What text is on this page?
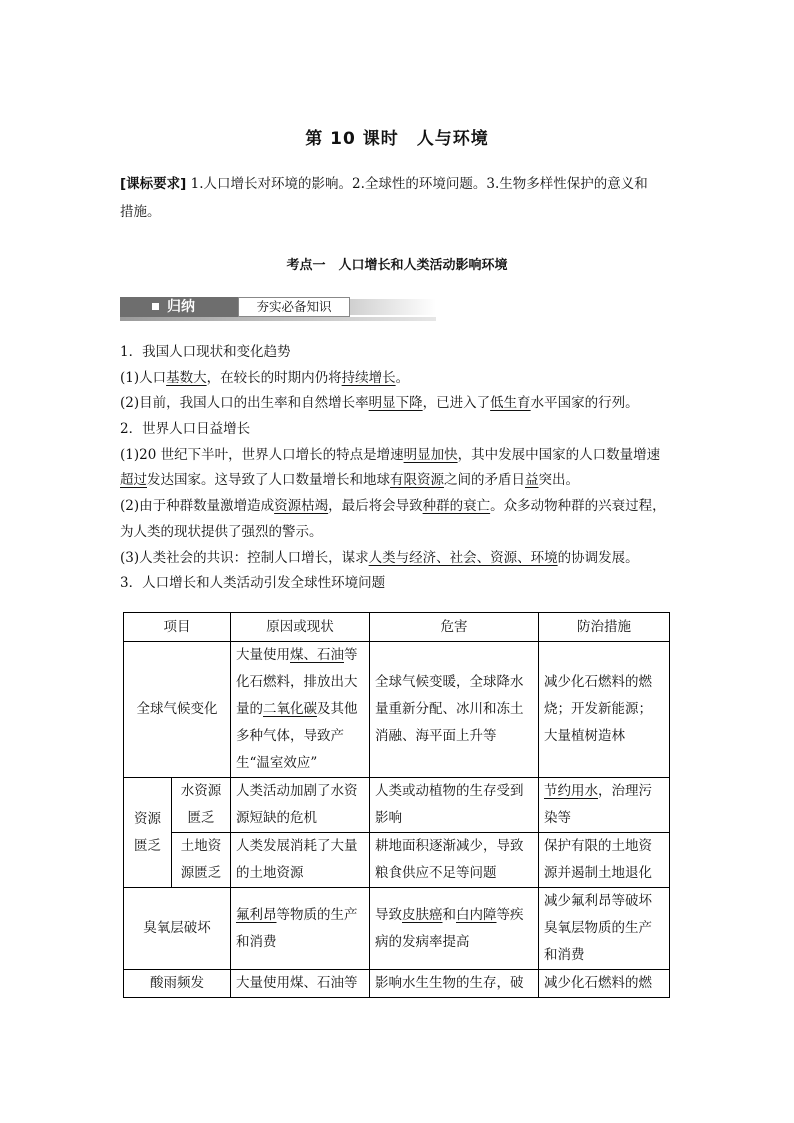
第 10 课时　人与环境
[课标要求] 1.人口增长对环境的影响。2.全球性的环境问题。3.生物多样性保护的意义和
措施。
考点一　人口增长和人类活动影响环境
归纳	夯实必备知识
1．我国人口现状和变化趋势
(1)人口基数大，在较长的时期内仍将持续增长。
(2)目前，我国人口的出生率和自然增长率明显下降，已进入了低生育水平国家的行列。
2．世界人口日益增长
(1)20 世纪下半叶，世界人口增长的特点是增速明显加快，其中发展中国家的人口数量增速
超过发达国家。这导致了人口数量增长和地球有限资源之间的矛盾日益突出。
(2)由于种群数量激增造成资源枯竭，最后将会导致种群的衰亡。众多动物种群的兴衰过程，
为人类的现状提供了强烈的警示。
(3)人类社会的共识：控制人口增长，谋求人类与经济、社会、资源、环境的协调发展。
3．人口增长和人类活动引发全球性环境问题
项目		原因或现状	危害	防治措施
全球气候变化		大量使用煤、石油等化石燃料，排放出大量的二氧化碳及其他多种气体，导致产生“温室效应”	全球气候变暖，全球降水量重新分配、冰川和冻土消融、海平面上升等	减少化石燃料的燃烧；开发新能源；大量植树造林
资源匮乏	水资源匮乏	人类活动加剧了水资源短缺的危机	人类或动植物的生存受到影响	节约用水，治理污染等
	土地资源匮乏	人类发展消耗了大量的土地资源	耕地面积逐渐减少，导致粮食供应不足等问题	保护有限的土地资源并遏制土地退化
臭氧层破坏		氟利昂等物质的生产和消费	导致皮肤癌和白内障等疾病的发病率提高	减少氟利昂等破坏臭氧层物质的生产和消费
酸雨频发		大量使用煤、石油等	影响水生生物的生存，破	减少化石燃料的燃
